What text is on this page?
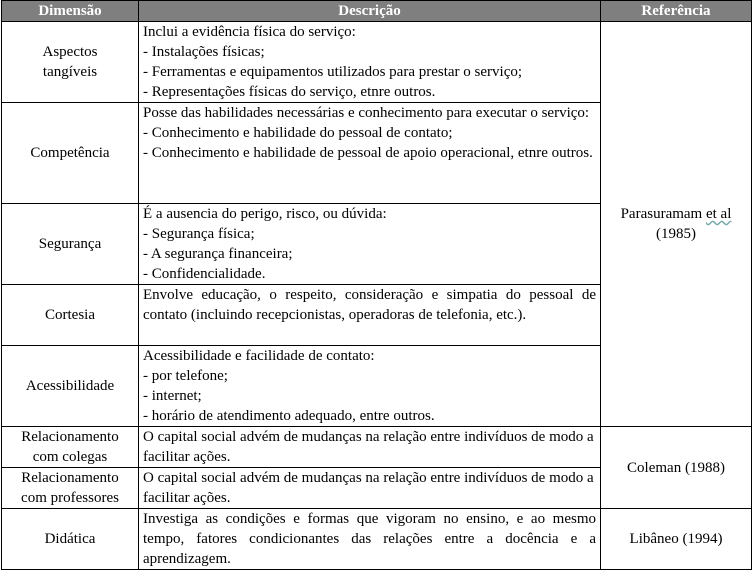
Dimensão	Descrição	Referência

Aspectos
tangíveis	Inclui a evidência física do serviço:
- Instalações físicas;
- Ferramentas e equipamentos utilizados para prestar o serviço;
- Representações físicas do serviço, etnre outros.	Parasuramam et al
(1985)

Competência	Posse das habilidades necessárias e conhecimento para executar o serviço:
- Conhecimento e habilidade do pessoal de contato;
- Conhecimento e habilidade de pessoal de apoio operacional, etnre outros.	

Segurança	É a ausencia do perigo, risco, ou dúvida:
- Segurança física;
- A segurança financeira;
- Confidencialidade.	

Cortesia	Envolve educação, o respeito, consideração e simpatia do pessoal de contato (incluindo recepcionistas, operadoras de telefonia, etc.).	

Acessibilidade	Acessibilidade e facilidade de contato:
- por telefone;
- internet;
- horário de atendimento adequado, entre outros.	

Relacionamento
com colegas	O capital social advém de mudanças na relação entre indivíduos de modo a facilitar ações.	Coleman (1988)

Relacionamento
com professores	O capital social advém de mudanças na relação entre indivíduos de modo a facilitar ações.	

Didática	Investiga as condições e formas que vigoram no ensino, e ao mesmo tempo, fatores condicionantes das relações entre a docência e a aprendizagem.	Libâneo (1994)
